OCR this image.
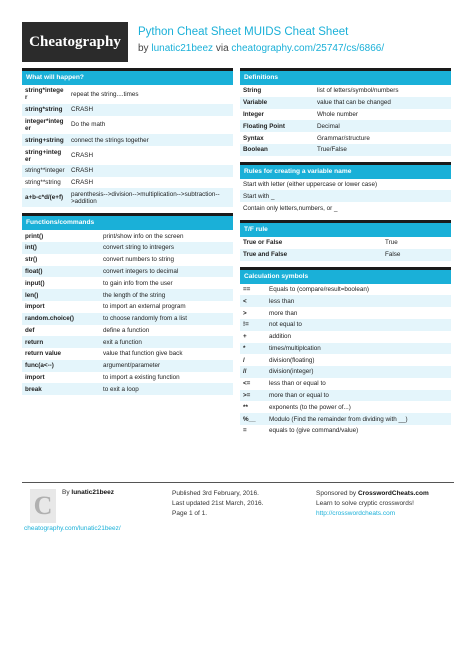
Cheatography
Python Cheat Sheet MUIDS Cheat Sheet
by lunatic21beez via cheatography.com/25747/cs/6866/
What will happen?
string*intege r	repeat the string....times
string*string	CRASH
integer*integ er	Do the math
string+string	connect the strings together
string+integ er	CRASH
string**integer	CRASH
string**string	CRASH
a+b-c*d/(e+f)	parenthesis-->division-->multiplication-->subtraction-->addition
Functions/commands
print()	print/show info on the screen
int()	convert string to intregers
str()	convert numbers to string
float()	convert integers to decimal
input()	to gain info from the user
len()	the length of the string
import	to import an external program
random.choice()	to choose randomly from a list
def	define a function
return	exit a function
return value	value that function give back
func(a<--)	argument/parameter
import	to import a existing function
break	to exit a loop
Definitions
String	list of letters/symbol/numbers
Variable	value that can be changed
Integer	Whole number
Floating Point	Decimal
Syntax	Grammar/structure
Boolean	True/False
Rules for creating a variable name
Start with letter (either uppercase or lower case)
Start with _
Contain only letters,numbers, or _
T/F rule
True or False	True
True and False	False
Calculation symbols
==	Equals to (compare/result=boolean)
<	less than
>	more than
!=	not equal to
+	addition
*	times/multiplcation
/	division(floating)
//	division(integer)
<=	less than or equal to
>=	more than or equal to
**	exponents (to the power of...)
%__	Modulo (Find the remainder from dividing with __)
=	equals to (give command/value)
C	By lunatic21beez
cheatography.com/lunatic21beez/
Published 3rd February, 2016.
Last updated 21st March, 2016.
Page 1 of 1.
Sponsored by CrosswordCheats.com
Learn to solve cryptic crosswords!
http://crosswordcheats.com
